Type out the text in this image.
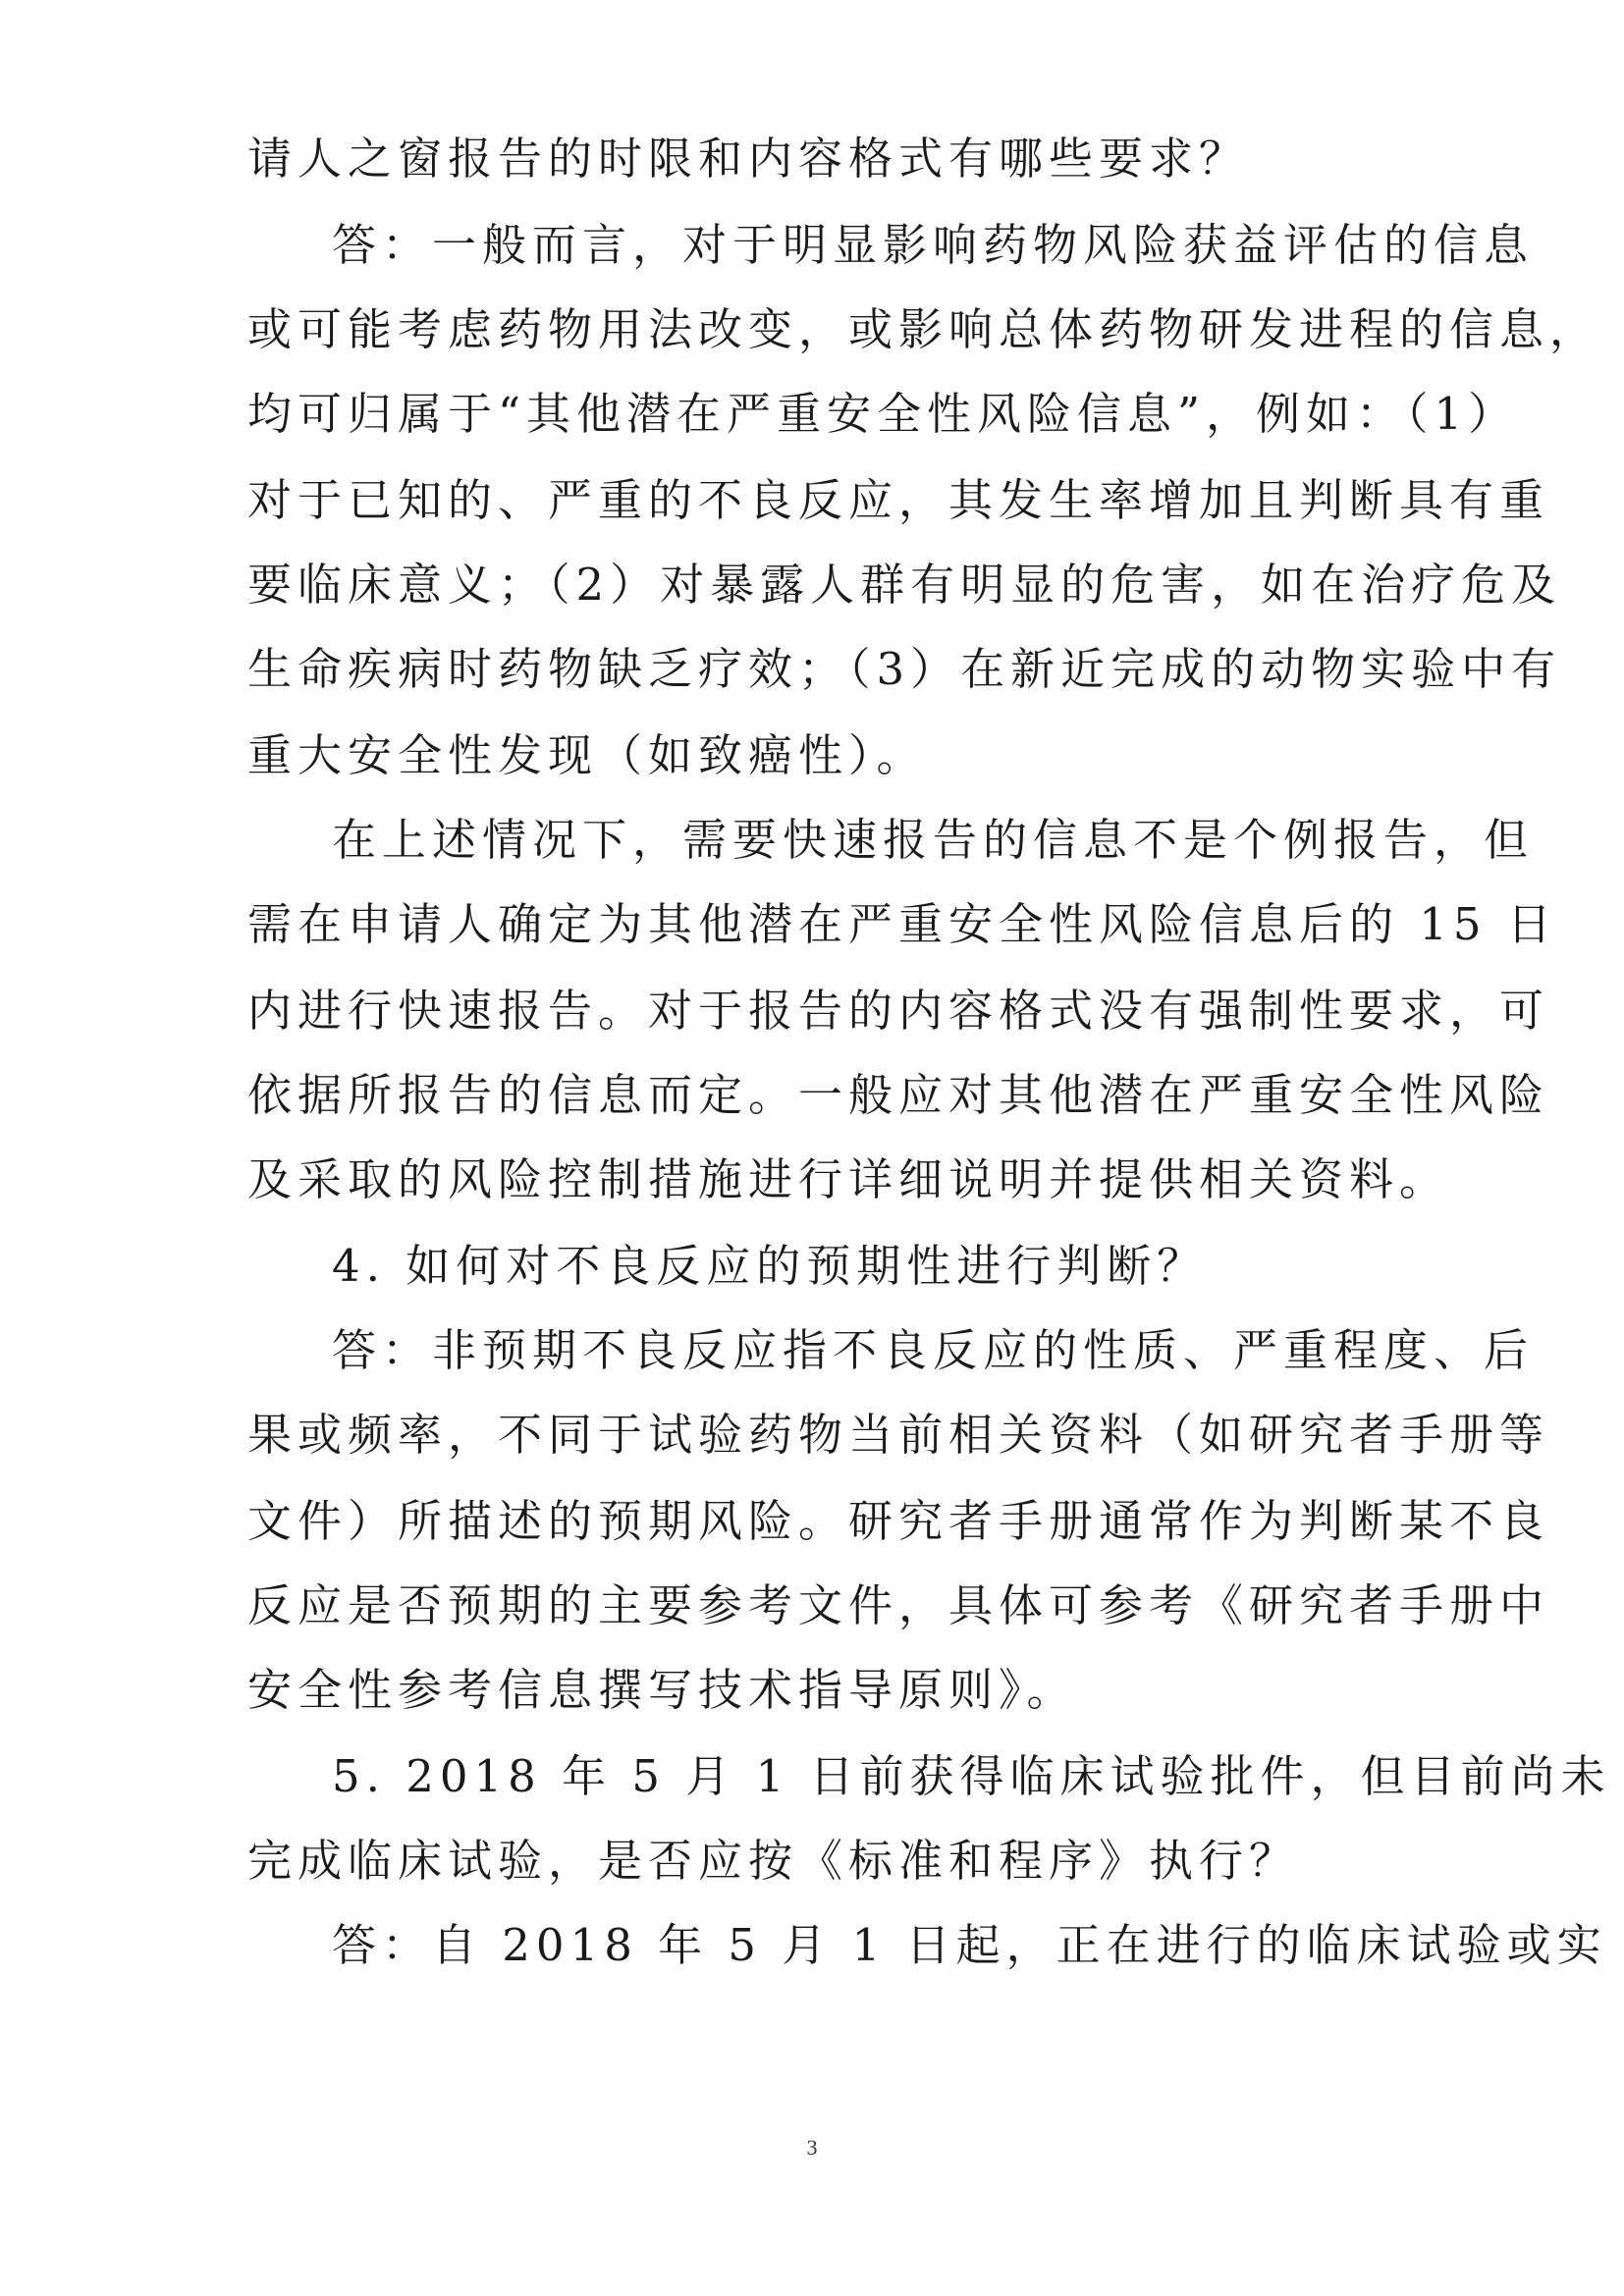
请人之窗报告的时限和内容格式有哪些要求？
答：一般而言，对于明显影响药物风险获益评估的信息
或可能考虑药物用法改变，或影响总体药物研发进程的信息，
均可归属于“其他潜在严重安全性风险信息”，例如：（1）
对于已知的、严重的不良反应，其发生率增加且判断具有重
要临床意义；（2）对暴露人群有明显的危害，如在治疗危及
生命疾病时药物缺乏疗效；（3）在新近完成的动物实验中有
重大安全性发现（如致癌性）。
在上述情况下，需要快速报告的信息不是个例报告，但
需在申请人确定为其他潜在严重安全性风险信息后的 15 日
内进行快速报告。对于报告的内容格式没有强制性要求，可
依据所报告的信息而定。一般应对其他潜在严重安全性风险
及采取的风险控制措施进行详细说明并提供相关资料。
4. 如何对不良反应的预期性进行判断？
答：非预期不良反应指不良反应的性质、严重程度、后
果或频率，不同于试验药物当前相关资料（如研究者手册等
文件）所描述的预期风险。研究者手册通常作为判断某不良
反应是否预期的主要参考文件，具体可参考《研究者手册中
安全性参考信息撰写技术指导原则》。
5. 2018 年 5 月 1 日前获得临床试验批件，但目前尚未
完成临床试验，是否应按《标准和程序》执行？
答：自 2018 年 5 月 1 日起，正在进行的临床试验或实
3
